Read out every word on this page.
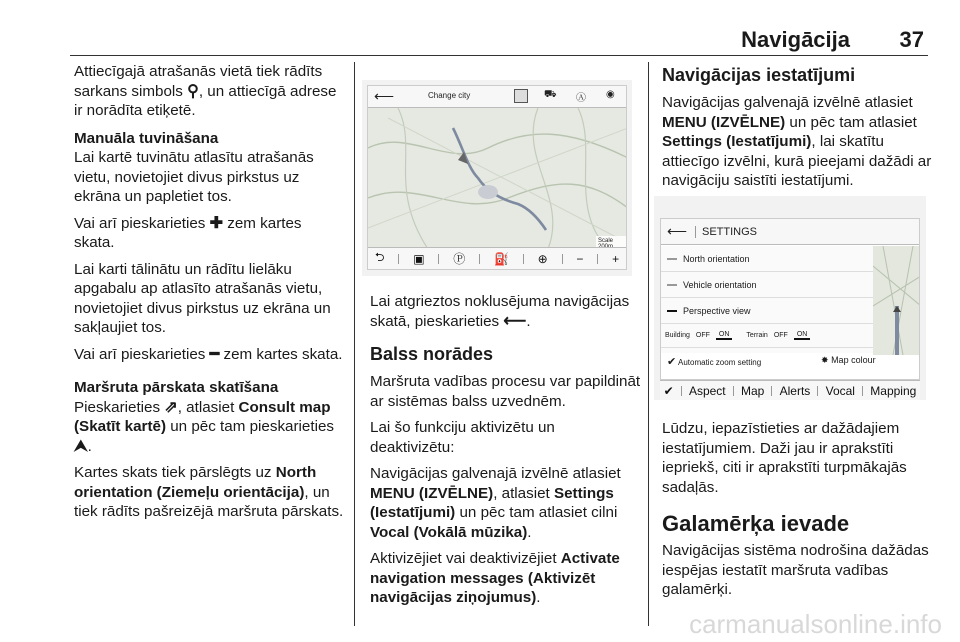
Navigācija 37

Attiecīgajā atrašanās vietā tiek rādīts sarkans simbols ⚲, un attiecīgā adrese ir norādīta etiķetē.

Manuāla tuvināšana

Lai kartē tuvinātu atlasītu atrašanās vietu, novietojiet divus pirkstus uz ekrāna un papletiet tos.

Vai arī pieskarieties ✚ zem kartes skata.

Lai karti tālinātu un rādītu lielāku apgabalu ap atlasīto atrašanās vietu, novietojiet divus pirkstus uz ekrāna un sakļaujiet tos.

Vai arī pieskarieties ━ zem kartes skata.

Maršruta pārskata skatīšana

Pieskarieties ⇗, atlasiet Consult map (Skatīt kartē) un pēc tam pieskarieties ⮝.

Kartes skats tiek pārslēgts uz North orientation (Ziemeļu orientācija), un tiek rādīts pašreizējā maršruta pārskats.

⟵	Change city	⛟ Ⓐ ◉
Scale
⮌ ▣ Ⓟ ⛽ ⊕ − +

Lai atgrieztos noklusējuma navigācijas skatā, pieskarieties ⟵.

Balss norādes

Maršruta vadības procesu var papildināt ar sistēmas balss uzvednēm.

Lai šo funkciju aktivizētu un deaktivizētu:

Navigācijas galvenajā izvēlnē atlasiet MENU (IZVĒLNE), atlasiet Settings (Iestatījumi) un pēc tam atlasiet cilni Vocal (Vokālā mūzika).

Aktivizējiet vai deaktivizējiet Activate navigation messages (Aktivizēt navigācijas ziņojumus).

Navigācijas iestatījumi

Navigācijas galvenajā izvēlnē atlasiet MENU (IZVĒLNE) un pēc tam atlasiet Settings (Iestatījumi), lai skatītu attiecīgo izvēlni, kurā pieejami dažādi ar navigāciju saistīti iestatījumi.

⟵	SETTINGS
North orientation
Vehicle orientation
Perspective view
Building OFF	ON	Terrain OFF	ON
✔ Automatic zoom setting	✸ Map colour
✔ Aspect Map Alerts Vocal Mapping

Lūdzu, iepazīstieties ar dažādajiem iestatījumiem. Daži jau ir aprakstīti iepriekš, citi ir aprakstīti turpmākajās sadaļās.

Galamērķa ievade

Navigācijas sistēma nodrošina dažādas iespējas iestatīt maršruta vadības galamērķi.

carmanualsonline.info
